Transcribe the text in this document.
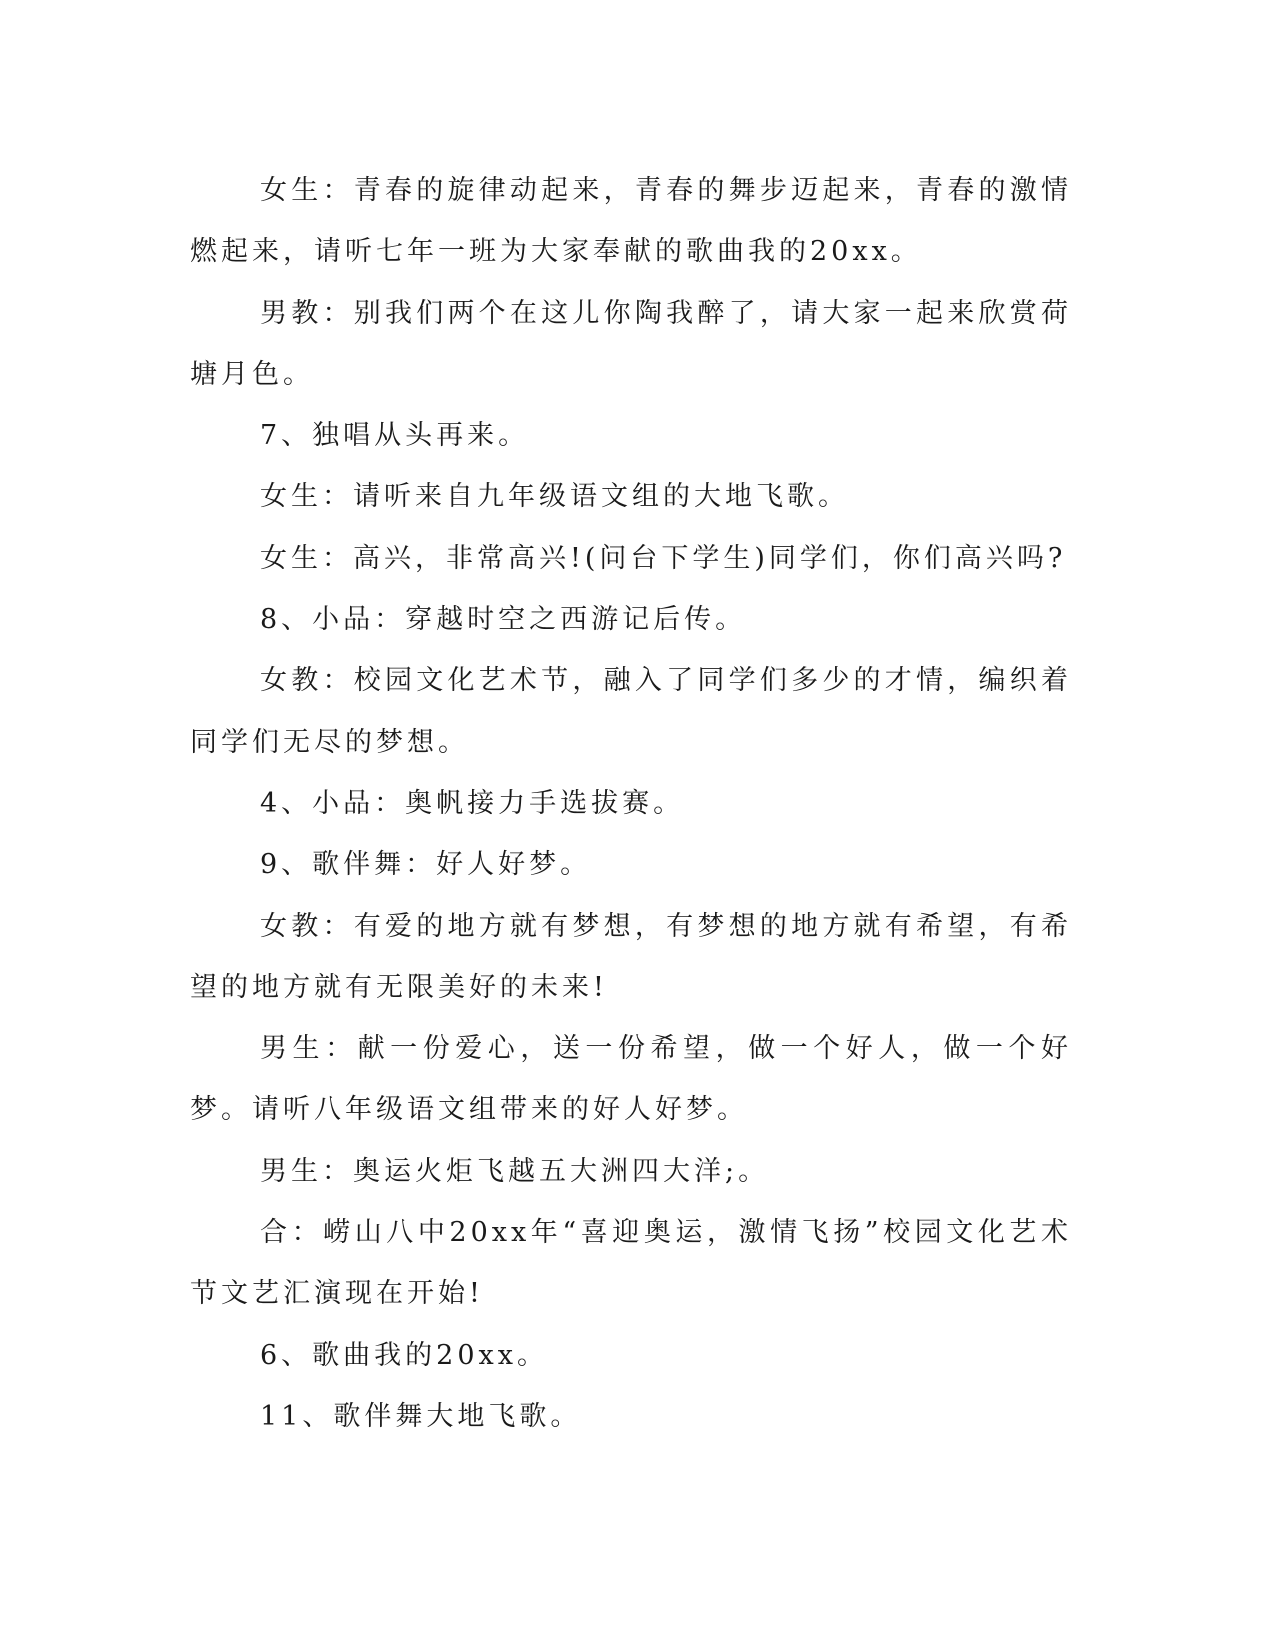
女生：青春的旋律动起来，青春的舞步迈起来，青春的激情燃起来，请听七年一班为大家奉献的歌曲我的20xx。

男教：别我们两个在这儿你陶我醉了，请大家一起来欣赏荷塘月色。

7、独唱从头再来。

女生：请听来自九年级语文组的大地飞歌。

女生：高兴，非常高兴!(问台下学生)同学们，你们高兴吗?

8、小品：穿越时空之西游记后传。

女教：校园文化艺术节，融入了同学们多少的才情，编织着同学们无尽的梦想。

4、小品：奥帆接力手选拔赛。

9、歌伴舞：好人好梦。

女教：有爱的地方就有梦想，有梦想的地方就有希望，有希望的地方就有无限美好的未来!

男生：献一份爱心，送一份希望，做一个好人，做一个好梦。请听八年级语文组带来的好人好梦。

男生：奥运火炬飞越五大洲四大洋;。

合：崂山八中20xx年“喜迎奥运，激情飞扬”校园文化艺术节文艺汇演现在开始!

6、歌曲我的20xx。

11、歌伴舞大地飞歌。
